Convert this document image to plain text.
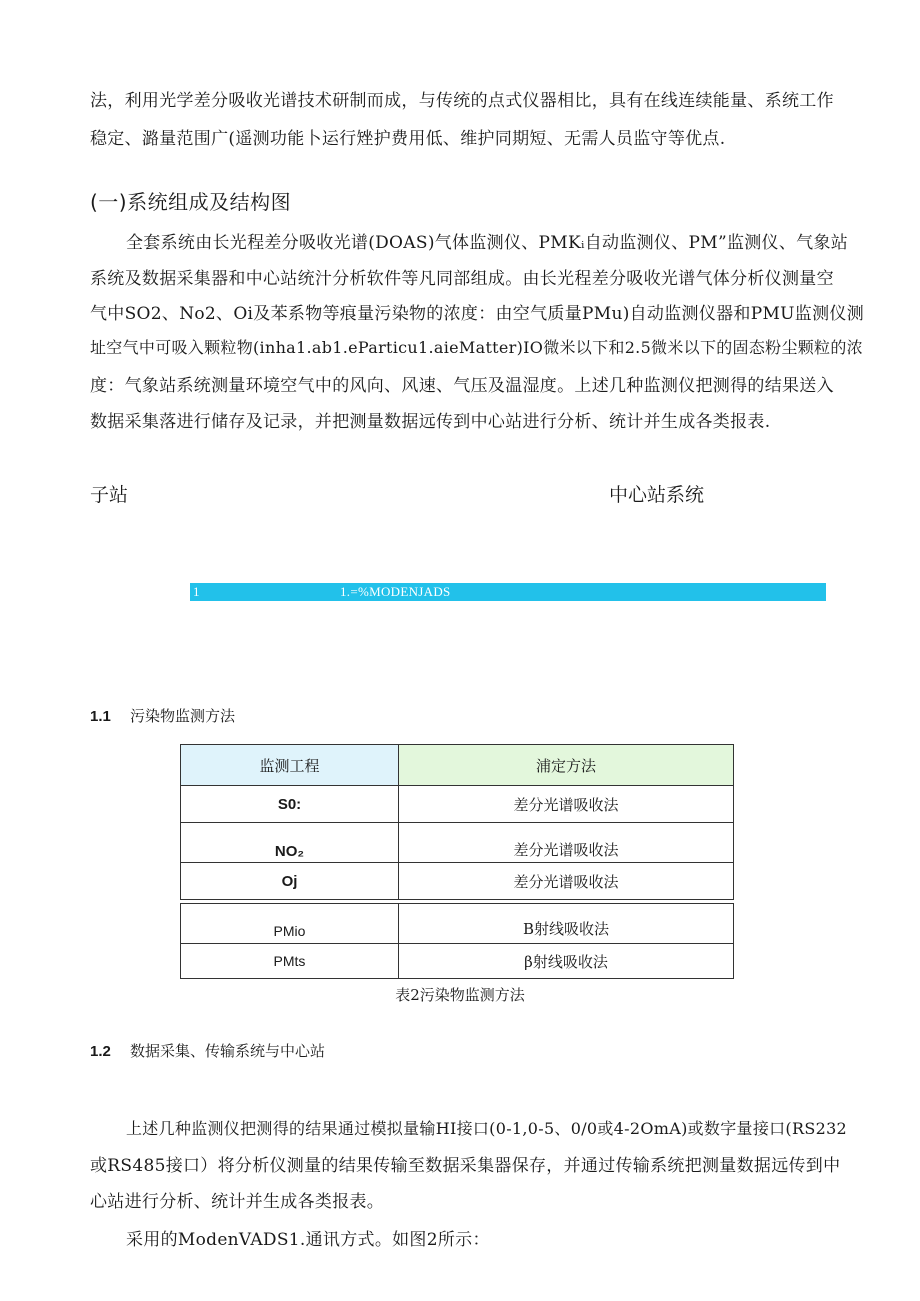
法，利用光学差分吸收光谱技术研制而成，与传统的点式仪器相比，具有在线连续能量、系统工作
稳定、潞量范围广(遥测功能卜运行矬护费用低、维护同期短、无需人员监守等优点.
(一)系统组成及结构图
全套系统由长光程差分吸收光谱(DOAS)气体监测仪、PMKᵢ自动监测仪、PM”监测仪、气象站
系统及数据采集器和中心站统汁分析软件等凡同部组成。由长光程差分吸收光谱气体分析仪测量空
气中SO2、No2、Oi及苯系物等痕量污染物的浓度：由空气质量PMu)自动监测仪器和PMU监测仪测
址空气中可吸入颗粒物(inha1.ab1.eParticu1.aieMatter)IO微米以下和2.5微米以下的固态粉尘颗粒的浓
度：气象站系统测量环境空气中的风向、风速、气压及温湿度。上述几种监测仪把测得的结果送入
数据采集落进行储存及记录，并把测量数据远传到中心站进行分析、统计并生成各类报表.
子站	中心站系统
1	1.=%MODENJADS
1.1 污染物监测方法
监测工程	浦定方法
S0:	差分光谱吸收法
NO₂	差分光谱吸收法
Oj	差分光谱吸收法
PMio	B射线吸收法
PMts	β射线吸收法
表2污染物监测方法
1.2 数据采集、传输系统与中心站
上述几种监测仪把测得的结果通过模拟量输HI接口(0-1,0-5、0/0或4-2OmA)或数字量接口(RS232
或RS485接口）将分析仪测量的结果传输至数据采集器保存，并通过传输系统把测量数据远传到中
心站进行分析、统计并生成各类报表。
采用的ModenVADS1.通讯方式。如图2所示：
